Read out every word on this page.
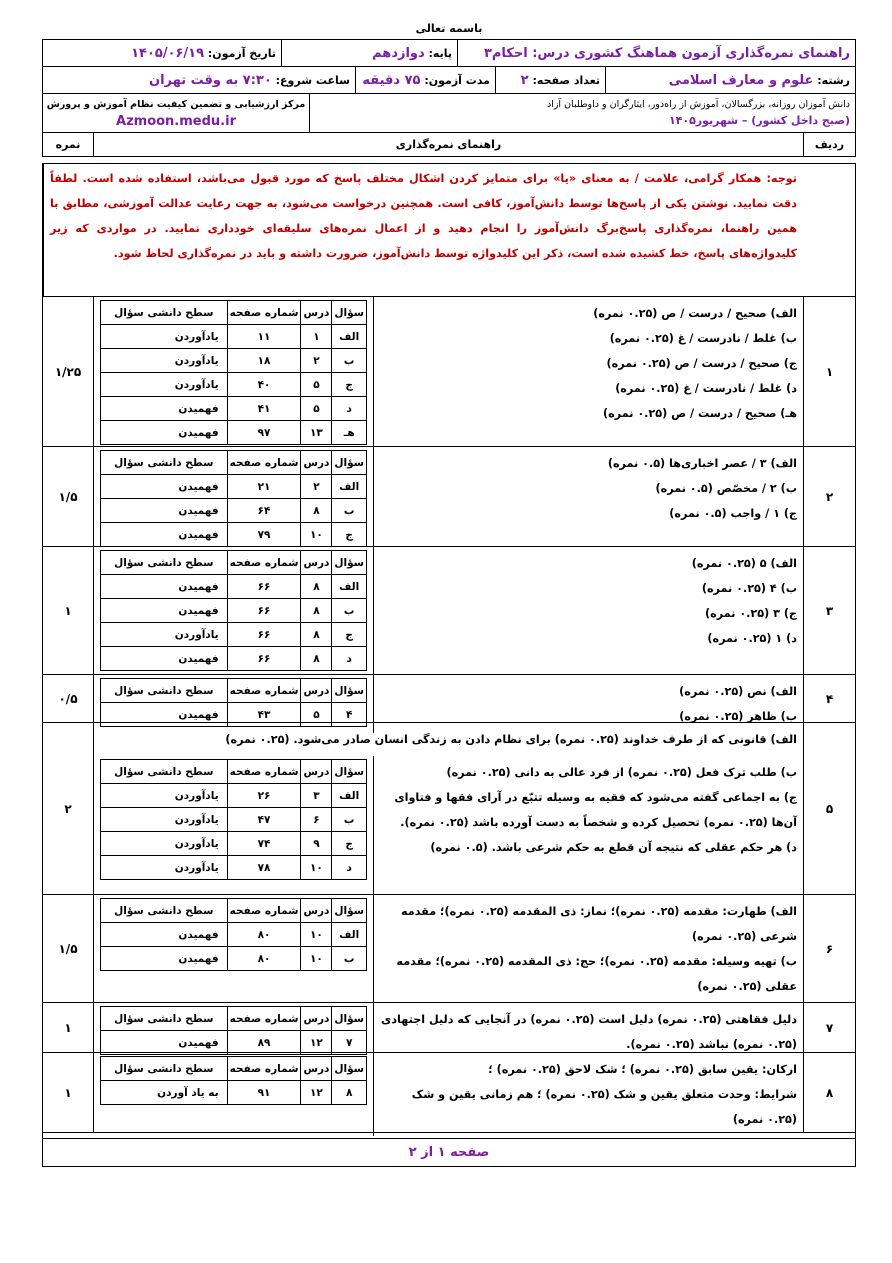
باسمه تعالی
راهنمای نمره‌گذاری آزمون هماهنگ کشوری درس: احکام۳
پایه:

دوازدهم
تاریخ آزمون:

۱۴۰۵/۰۶/۱۹
رشته:

علوم و معارف اسلامی
تعداد صفحه:

۲
مدت آزمون:

۷۵ دقیقه
ساعت شروع:

۷:۳۰ به وقت تهران
دانش آموزان روزانه، بزرگسالان، آموزش از راه‌دور، ایثارگران و داوطلبان آزاد
(صبح داخل کشور) – شهریور۱۴۰۵
مرکز ارزشیابی و تضمین کیفیت نظام آموزش و پرورش
Azmoon.medu.ir
ردیف
راهنمای نمره‌گذاری
نمره
توجه: همکار گرامی، علامت / به معنای «یا» برای متمایز کردن اشکال مختلف پاسخ که مورد قبول می‌باشد، استفاده شده است. لطفاً دقت نمایید. نوشتن یکی از پاسخ‌ها توسط دانش‌آموز، کافی است. همچنین درخواست می‌شود، به جهت رعایت عدالت آموزشی، مطابق با همین راهنما، نمره‌گذاری پاسخ‌برگ دانش‌آموز را انجام دهید و از اعمال نمره‌های سلیقه‌ای خودداری نمایید. در مواردی که زیر کلیدواژه‌های پاسخ، خط کشیده شده است، ذکر این کلیدواژه توسط دانش‌آموز، ضرورت داشته و باید در نمره‌گذاری لحاظ شود.
۱
الف) صحیح / درست / ص (۰.۲۵ نمره)
ب) غلط / نادرست / غ (۰.۲۵ نمره)
ج) صحیح / درست / ص (۰.۲۵ نمره)
د) غلط / نادرست / غ (۰.۲۵ نمره)
هـ) صحیح / درست / ص (۰.۲۵ نمره)
سؤال	درس	شماره صفحه	سطح دانشی سؤال
الف	۱	۱۱	یادآوردن
ب	۲	۱۸	یادآوردن
ج	۵	۴۰	یادآوردن
د	۵	۴۱	فهمیدن
هـ	۱۳	۹۷	فهمیدن
۱/۲۵
۲
الف) ۳ / عصر اخباری‌ها (۰.۵ نمره)
ب) ۲ / مخصّص (۰.۵ نمره)
ج) ۱ / واجب (۰.۵ نمره)
سؤال	درس	شماره صفحه	سطح دانشی سؤال
الف	۲	۲۱	فهمیدن
ب	۸	۶۴	فهمیدن
ج	۱۰	۷۹	فهمیدن
۱/۵
۳
الف) ۵ (۰.۲۵ نمره)
ب) ۴ (۰.۲۵ نمره)
ج) ۳ (۰.۲۵ نمره)
د) ۱ (۰.۲۵ نمره)
سؤال	درس	شماره صفحه	سطح دانشی سؤال
الف	۸	۶۶	فهمیدن
ب	۸	۶۶	فهمیدن
ج	۸	۶۶	یادآوردن
د	۸	۶۶	فهمیدن
۱
۴
الف) نص (۰.۲۵ نمره)
ب) ظاهر (۰.۲۵ نمره)
سؤال	درس	شماره صفحه	سطح دانشی سؤال
۴	۵	۴۳	فهمیدن
۰/۵
۵
الف) قانونی که از طرف خداوند (۰.۲۵ نمره) برای نظام دادن به زندگی انسان صادر می‌شود. (۰.۲۵ نمره)
ب) طلب ترک فعل (۰.۲۵ نمره) از فرد عالی به دانی (۰.۲۵ نمره)
ج) به اجماعی گفته می‌شود که فقیه به وسیله تتبّع در آرای فقها و فتاوای آن‌ها (۰.۲۵ نمره) تحصیل کرده و شخصاً به دست آورده باشد (۰.۲۵ نمره).
د) هر حکم عقلی که نتیجه آن قطع به حکم شرعی باشد. (۰.۵ نمره)
سؤال	درس	شماره صفحه	سطح دانشی سؤال
الف	۳	۲۶	یادآوردن
ب	۶	۴۷	یادآوردن
ج	۹	۷۴	یادآوردن
د	۱۰	۷۸	یادآوردن
۲
۶
الف) طهارت: مقدمه (۰.۲۵ نمره)؛ نماز: ذی المقدمه (۰.۲۵ نمره)؛ مقدمه شرعی (۰.۲۵ نمره)
ب) تهیه وسیله: مقدمه (۰.۲۵ نمره)؛ حج: ذی المقدمه (۰.۲۵ نمره)؛ مقدمه عقلی (۰.۲۵ نمره)
سؤال	درس	شماره صفحه	سطح دانشی سؤال
الف	۱۰	۸۰	فهمیدن
ب	۱۰	۸۰	فهمیدن
۱/۵
۷
دلیل فقاهتی (۰.۲۵ نمره) دلیل است (۰.۲۵ نمره) در آنجایی که دلیل اجتهادی (۰.۲۵ نمره) نباشد (۰.۲۵ نمره).
سؤال	درس	شماره صفحه	سطح دانشی سؤال
۷	۱۲	۸۹	فهمیدن
۱
۸
ارکان: یقین سابق (۰.۲۵ نمره) ؛ شک لاحق (۰.۲۵ نمره) ؛
شرایط: وحدت متعلق یقین و شک (۰.۲۵ نمره) ؛ هم زمانی یقین و شک (۰.۲۵ نمره)
سؤال	درس	شماره صفحه	سطح دانشی سؤال
۸	۱۲	۹۱	به یاد آوردن
۱
صفحه ۱ از ۲
